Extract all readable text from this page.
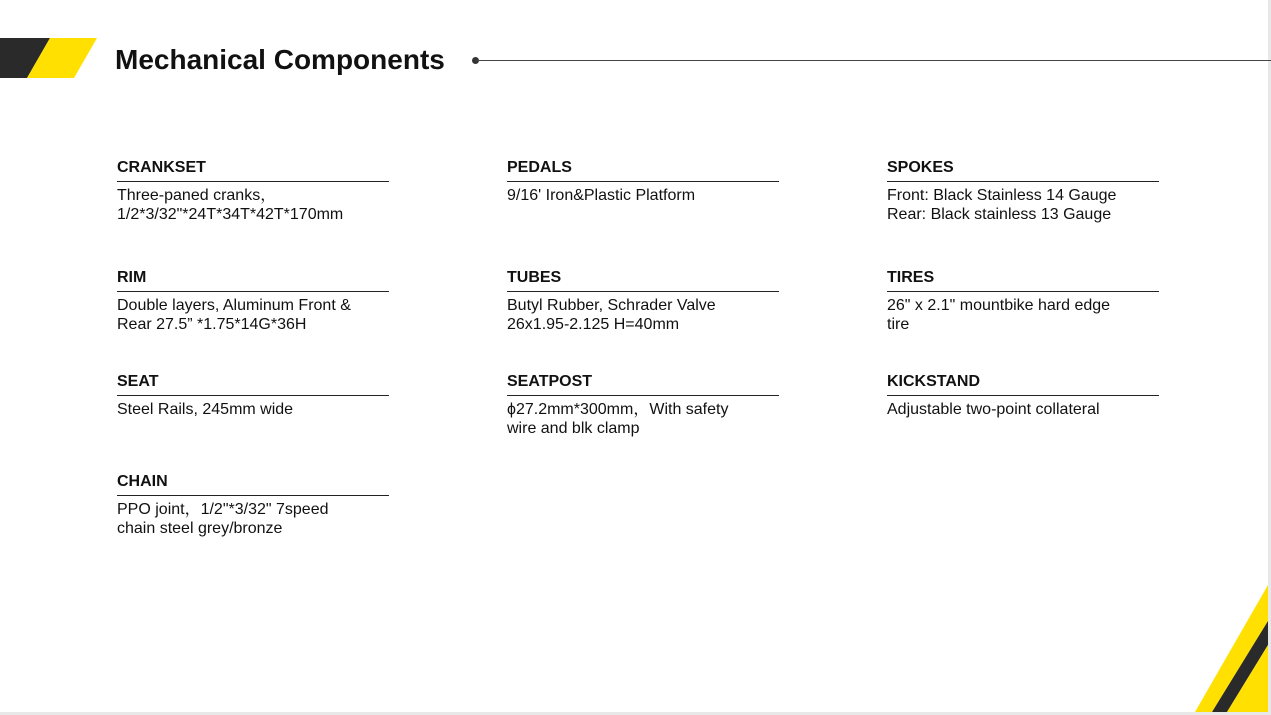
Mechanical Components
CRANKSET
Three-paned cranks，
1/2*3/32"*24T*34T*42T*170mm
PEDALS
9/16' Iron&Plastic Platform
SPOKES
Front: Black Stainless 14 Gauge
Rear: Black stainless 13 Gauge
RIM
Double layers, Aluminum Front &
Rear 27.5” *1.75*14G*36H
TUBES
Butyl Rubber, Schrader Valve
26x1.95-2.125 H=40mm
TIRES
26" x 2.1" mountbike hard edge
tire
SEAT
Steel Rails, 245mm wide
SEATPOST
ϕ27.2mm*300mm，With safety
wire and blk clamp
KICKSTAND
Adjustable two-point collateral
CHAIN
PPO joint，1/2"*3/32" 7speed
chain steel grey/bronze
